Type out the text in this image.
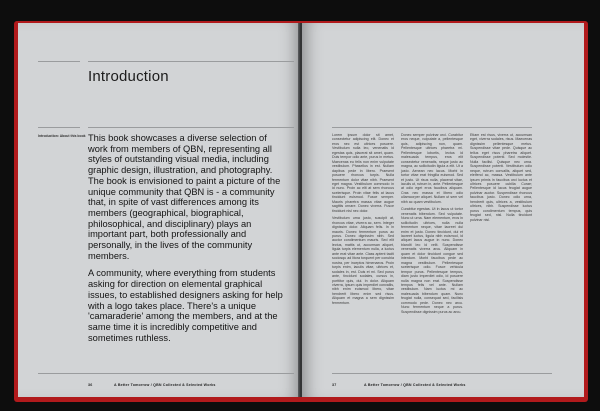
Introduction
Introduction: About this book This book showcases a diverse selection of work from members of QBN, representing all styles of outstanding visual media, including graphic design, illustration, and photography. The book is envisioned to paint a picture of the unique community that QBN is - a community that, in spite of vast differences among its members (geographical, biographical, philosophical, and disciplinary) plays an important part, both professionally and personally, in the lives of the community members.

A community, where everything from students asking for direction on elemental graphical issues, to established designers asking for help with a logo takes place. There's a unique 'camaraderie' among the members, and at the same time it is incredibly competitive and sometimes ruthless.

36	A Better Tomorrow / QBN Collected & Selected Works

Lorem ipsum dolor sit amet, consectetur adipiscing elit. Donec et eros nec est ultrices posuere. Vestibulum nulla leo, venenatis id egestas quis, placerat sit amet, quam. Duis tempor odio ante, purus in metus. Maecenas eu felis non enim vulputate vestibulum. Phasellus in est. Nullam dapibus pede in libero. Praesent posuere rhoncus turpis. Nulla fermentum dolor vitae nibh. Praesent eget magna. Vestibulum commodo in id nunc. Proin ac elit at sem rhoncus scelerisque. Proin vitae felis at lacus tincidunt euismod. Fusce semper. Mauris pharetra massa vitae augue sagittis ornare. Donec viverra. Fusce tincidunt nisl nec dolor.

Vestibulum urna justo, suscipit at, rhoncus vitae, viverra ac, sem. Integer dignissim dolor. Aliquam felis. In in mauris. Donec fermentum purus ac purus. Donec dignissim nibh. Sed auctor condimentum mauris. Sed elit lectus, mattis ut, accumsan aliquet, ligula turpis elementum nulla, a luctus ante erat vitae ante. Class aptent taciti sociosqu ad litora torquent per conubia nostra, per inceptos himenaeos. Proin turpis enim, iaculis vitae, ultrices et, sodales in, est. Duis et mi. Sed purus ante, tincidunt sodales, cursus in, porttitor quis, dui. In dolor. Aliquam viverra, ipsum quis imperdiet convallis, nibh enim euismod libero, vitae hendrerit libero enim sed risus. Aliquam et magna a sem dignissim fermentum.

Donec semper pulvinar orci. Curabitur eros neque, vulputate a, pellentesque quis, adipiscing non, quam. Pellentesque ultrices pharetra mi. Pellentesque lobortis, lectus id malesuada tempus, eros elit consectetur venenatis, neque justo ac magna, ac sollicitudin ligula a elit. Ut a justo. Aenean nec lacus. Morbi in tortor vitae erat fringilla euismod. Sed et justo. Ut risus nulla, placerat vitae, iaculis ut, rutrum in, ante. Pellentesque at odio eget eros faucibus aliquam. Cras nec massa et libero odio ullamcorper aliquet. Nullam ut sem vel nibh ac quam vestibulum.

Curabitur egestas. Ut in lacus ut tortor venenatis bibendum. Sed vulputate. Nunc ut urna. Nam elementum, eros in sollicitudin ultrices, nulla nulla fermentum neque, vitae laoreet dui enim et justo. Donec tincidunt, dui et laoreet luctus, ligula nibh euismod, id aliquet lacus augue in nunc. Donec blandit leo id velit. Suspendisse venenatis viverra arcu. Aliquam in quam et dolor tincidunt congue sed interdum. Morbi faucibus pede ac magna vestibulum. Pellentesque scelerisque odio. Fusce vehicula tempor purus. Pellentesque tempus, diam justo imperdiet odio, id posuere nulla magna non erat. Suspendisse tempus felis vel ante. Nullam vestibulum. Nam luctus mi ac malesuada bibendum quam. Nunc feugiat nulla, consequat sed, facilisis commodo pede. Donec nec arcu. Nunc fermentum neque a purus. Suspendisse dignissim purus ac arcu.

Etiam est risus, viverra ut, accumsan eget, viverra sodales, risus. Maecenas dignissim pellentesque metus. Suspendisse vitae pede. Quisque ac tellus eget risus pharetra aliquet. Suspendisse potenti. Sed molestie. Nulla facilisi. Quisque nec urna. Suspendisse potenti. Vestibulum odio neque, rutrum convallis, aliquet sed, eleifend ac, massa. Vestibulum ante ipsum primis in faucibus orci luctus et ultrices posuere cubilia Curae; Pellentesque id lacus feugiat augue pulvinar auctor. Suspendisse rhoncus faucibus justo. Donec odio urna, hendrerit quis, ultrices a, vestibulum ultrices, nibh. Suspendisse luctus purus condimentum tempus, quis feugiat sed, nisl. Nulla tincidunt pulvinar nisl.

37	A Better Tomorrow / QBN Collected & Selected Works
